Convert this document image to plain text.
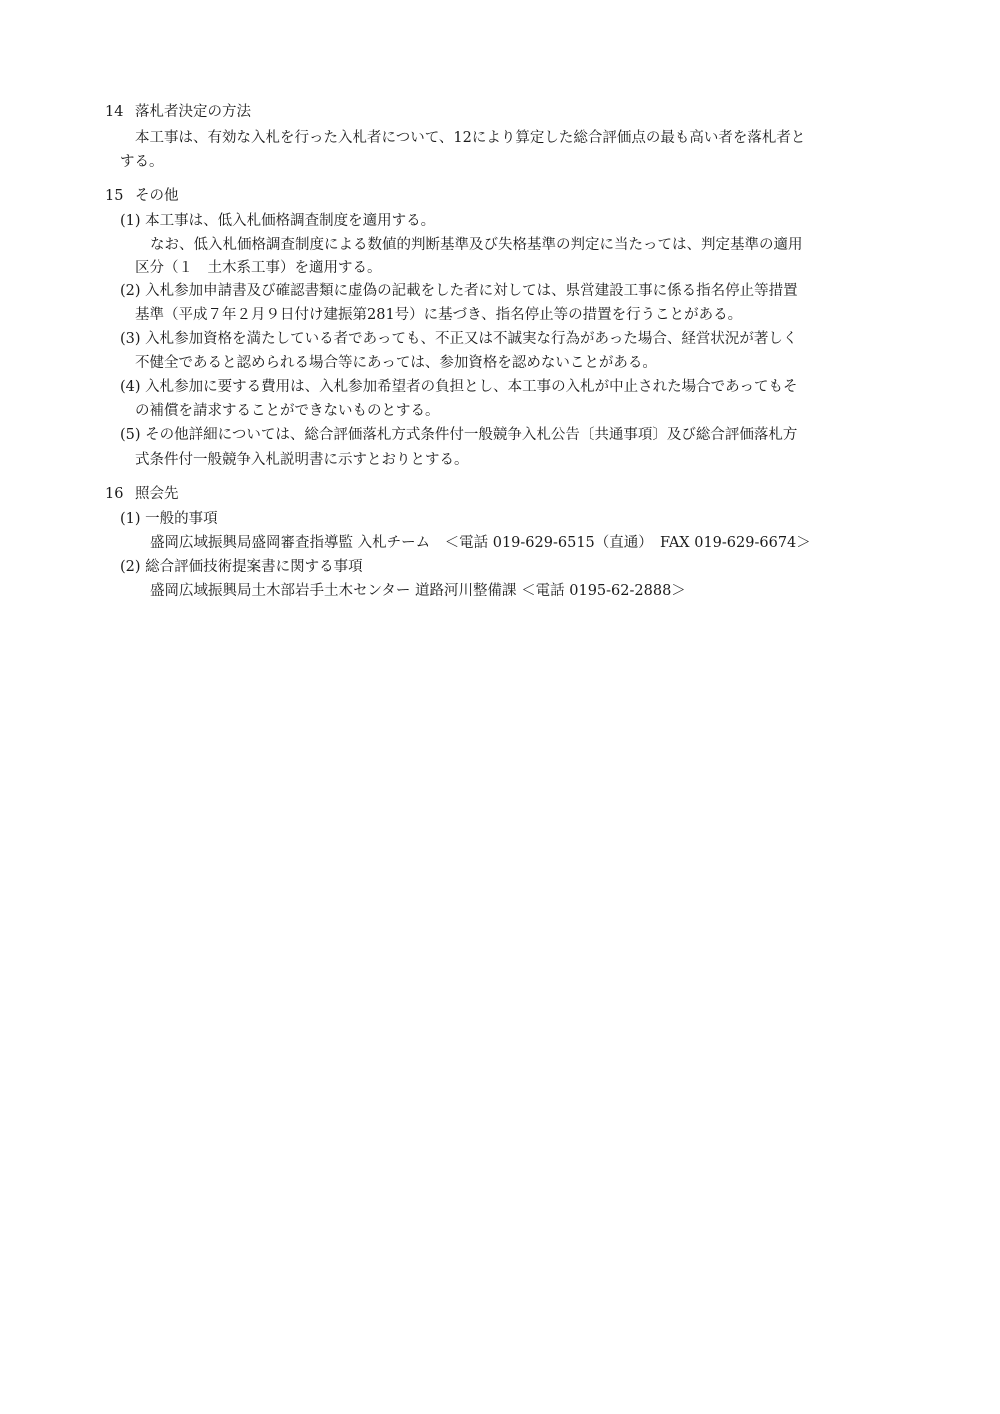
14 落札者決定の方法
本工事は、有効な入札を行った入札者について、12により算定した総合評価点の最も高い者を落札者と
する。
15 その他
(1) 本工事は、低入札価格調査制度を適用する。
なお、低入札価格調査制度による数値的判断基準及び失格基準の判定に当たっては、判定基準の適用
区分（１　土木系工事）を適用する。
(2) 入札参加申請書及び確認書類に虚偽の記載をした者に対しては、県営建設工事に係る指名停止等措置
基準（平成７年２月９日付け建振第281号）に基づき、指名停止等の措置を行うことがある。
(3) 入札参加資格を満たしている者であっても、不正又は不誠実な行為があった場合、経営状況が著しく
不健全であると認められる場合等にあっては、参加資格を認めないことがある。
(4) 入札参加に要する費用は、入札参加希望者の負担とし、本工事の入札が中止された場合であってもそ
の補償を請求することができないものとする。
(5) その他詳細については、総合評価落札方式条件付一般競争入札公告〔共通事項〕及び総合評価落札方
式条件付一般競争入札説明書に示すとおりとする。
16 照会先
(1) 一般的事項
盛岡広域振興局盛岡審査指導監 入札チーム　＜電話 019-629-6515（直通）　FAX 019-629-6674＞
(2) 総合評価技術提案書に関する事項
盛岡広域振興局土木部岩手土木センター 道路河川整備課 ＜電話 0195-62-2888＞
